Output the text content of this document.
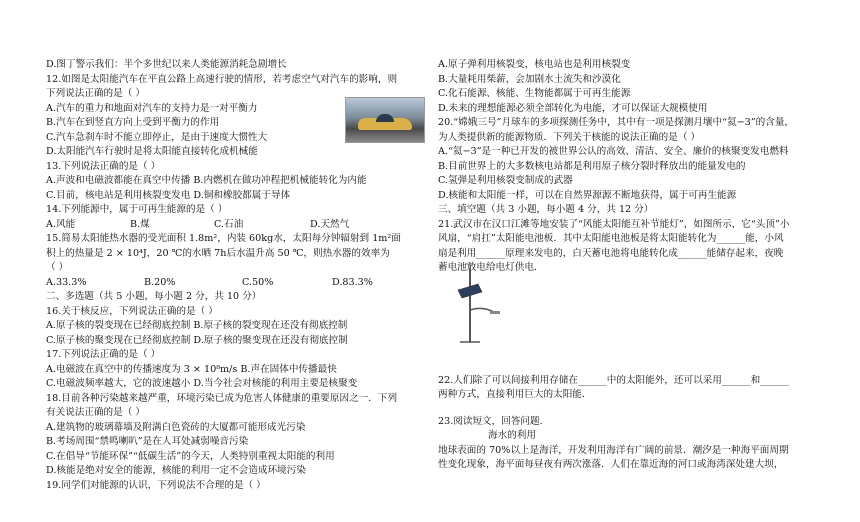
D.图丁警示我们：半个多世纪以来人类能源消耗急剧增长
12.如图是太阳能汽车在平直公路上高速行驶的情形，若考虑空气对汽车的影响，则
下列说法正确的是（ ）
A.汽车的重力和地面对汽车的支持力是一对平衡力
B.汽车在到竖直方向上受到平衡力的作用
C.汽车急刹车时不能立即停止，是由于速度大惯性大
D.太阳能汽车行驶时是将太阳能直接转化成机械能
13.下列说法正确的是（ ）
A.声波和电磁波都能在真空中传播 B.内燃机在做功冲程把机械能转化为内能
C.目前，核电站是利用核裂变发电 D.铜和橡胶都属于导体
14.下列能源中，属于可再生能源的是（ ）
A.风能	B.煤	C.石油	D.天然气
15.简易太阳能热水器的受光面积 1.8m²，内装 60kg水，太阳每分钟辐射到 1m²面
积上的热量是 2 × 10⁴J，20 ℃的水晒 7h后水温升高 50 ℃，则热水器的效率为
（ ）
A.33.3%	B.20%	C.50%	D.83.3%
二、多选题（共 5 小题，每小题 2 分，共 10 分）
16.关于核反应，下列说法正确的是（ ）
A.原子核的裂变现在已经彻底控制 B.原子核的裂变现在还没有彻底控制
C.原子核的聚变现在已经彻底控制 D.原子核的聚变现在还没有彻底控制
17.下列说法正确的是（ ）
A.电磁波在真空中的传播速度为 3 × 10⁸m/s B.声在固体中传播最快
C.电磁波频率越大，它的波速越小 D.当今社会对核能的利用主要是核聚变
18.目前各种污染越来越严重，环境污染已成为危害人体健康的重要原因之一．下列
有关说法正确的是（ ）
A.建筑物的玻璃幕墙及附满白色瓷砖的大厦都可能形成光污染
B.考场周围“禁鸣喇叭”是在人耳处减弱噪音污染
C.在倡导“节能环保”“低碳生活”的今天，人类特别重视太阳能的利用
D.核能是绝对安全的能源，核能的利用一定不会造成环境污染
19.同学们对能源的认识，下列说法不合理的是（ ）
A.原子弹利用核裂变，核电站也是利用核裂变
B.大量耗用柴薪，会加剧水土流失和沙漠化
C.化石能源、核能、生物能都属于可再生能源
D.未来的理想能源必须全部转化为电能，才可以保证大规模使用
20.“嫦娥三号”月球车的多项探测任务中，其中有一项是探测月壤中“氦−3”的含量，
为人类提供新的能源物质．下列关于核能的说法正确的是（ ）
A.“氦−3”是一种已开发的被世界公认的高效、清洁、安全、廉价的核聚变发电燃料
B.目前世界上的大多数核电站都是利用原子核分裂时释放出的能量发电的
C.氢弹是利用核裂变制成的武器
D.核能和太阳能一样，可以在自然界源源不断地获得，属于可再生能源
三、填空题（共 3 小题，每小题 4 分，共 12 分）
21.武汉市在汉口江滩等地安装了“风能太阳能互补节能灯”，如图所示，它“头顶”小
风扇，“肩扛”太阳能电池板．其中太阳能电池板是将太阳能转化为______能，小风
扇是利用______原理来发电的，白天蓄电池将电能转化成______能储存起来，夜晚
蓄电池放电给电灯供电．
22.人们除了可以间接利用存储在______中的太阳能外，还可以采用______和______
两种方式，直接利用巨大的太阳能．
23.阅读短文，回答问题．
海水的利用
地球表面的 70%以上是海洋，开发利用海洋有广阔的前景．潮汐是一种海平面周期
性变化现象，海平面每昼夜有两次涨落．人们在靠近海的河口或海湾深处建大坝，
